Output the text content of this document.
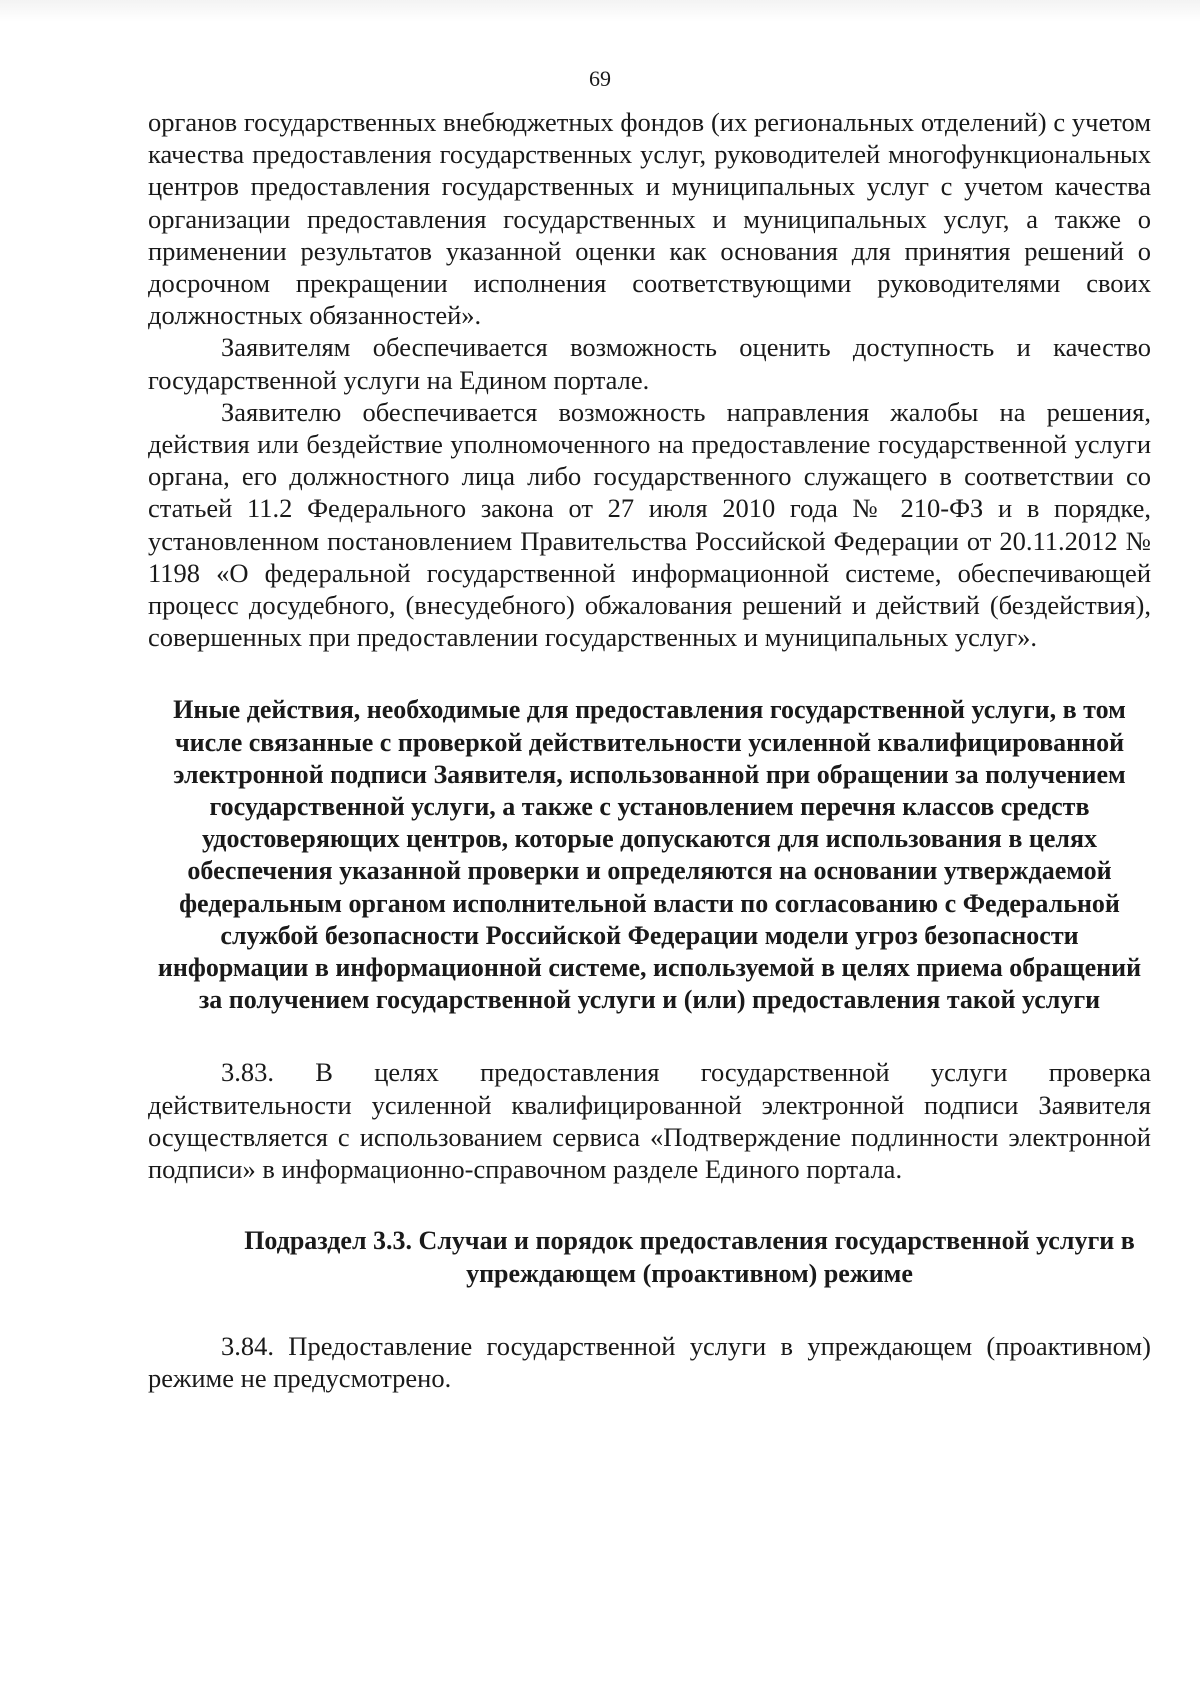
69

органов государственных внебюджетных фондов (их региональных отделений) с учетом качества предоставления государственных услуг, руководителей многофункциональных центров предоставления государственных и муниципальных услуг с учетом качества организации предоставления государственных и муниципальных услуг, а также о применении результатов указанной оценки как основания для принятия решений о досрочном прекращении исполнения соответствующими руководителями своих должностных обязанностей».

Заявителям обеспечивается возможность оценить доступность и качество государственной услуги на Едином портале.

Заявителю обеспечивается возможность направления жалобы на решения, действия или бездействие уполномоченного на предоставление государственной услуги органа, его должностного лица либо государственного служащего в соответствии со статьей 11.2 Федерального закона от 27 июля 2010 года № 210-ФЗ и в порядке, установленном постановлением Правительства Российской Федерации от 20.11.2012 № 1198 «О федеральной государственной информационной системе, обеспечивающей процесс досудебного, (внесудебного) обжалования решений и действий (бездействия), совершенных при предоставлении государственных и муниципальных услуг».

Иные действия, необходимые для предоставления государственной услуги, в том числе связанные с проверкой действительности усиленной квалифицированной электронной подписи Заявителя, использованной при обращении за получением государственной услуги, а также с установлением перечня классов средств удостоверяющих центров, которые допускаются для использования в целях обеспечения указанной проверки и определяются на основании утверждаемой федеральным органом исполнительной власти по согласованию с Федеральной службой безопасности Российской Федерации модели угроз безопасности информации в информационной системе, используемой в целях приема обращений за получением государственной услуги и (или) предоставления такой услуги

3.83. В целях предоставления государственной услуги проверка действительности усиленной квалифицированной электронной подписи Заявителя осуществляется с использованием сервиса «Подтверждение подлинности электронной подписи» в информационно-справочном разделе Единого портала.

Подраздел 3.3. Случаи и порядок предоставления государственной услуги в упреждающем (проактивном) режиме

3.84. Предоставление государственной услуги в упреждающем (проактивном) режиме не предусмотрено.
